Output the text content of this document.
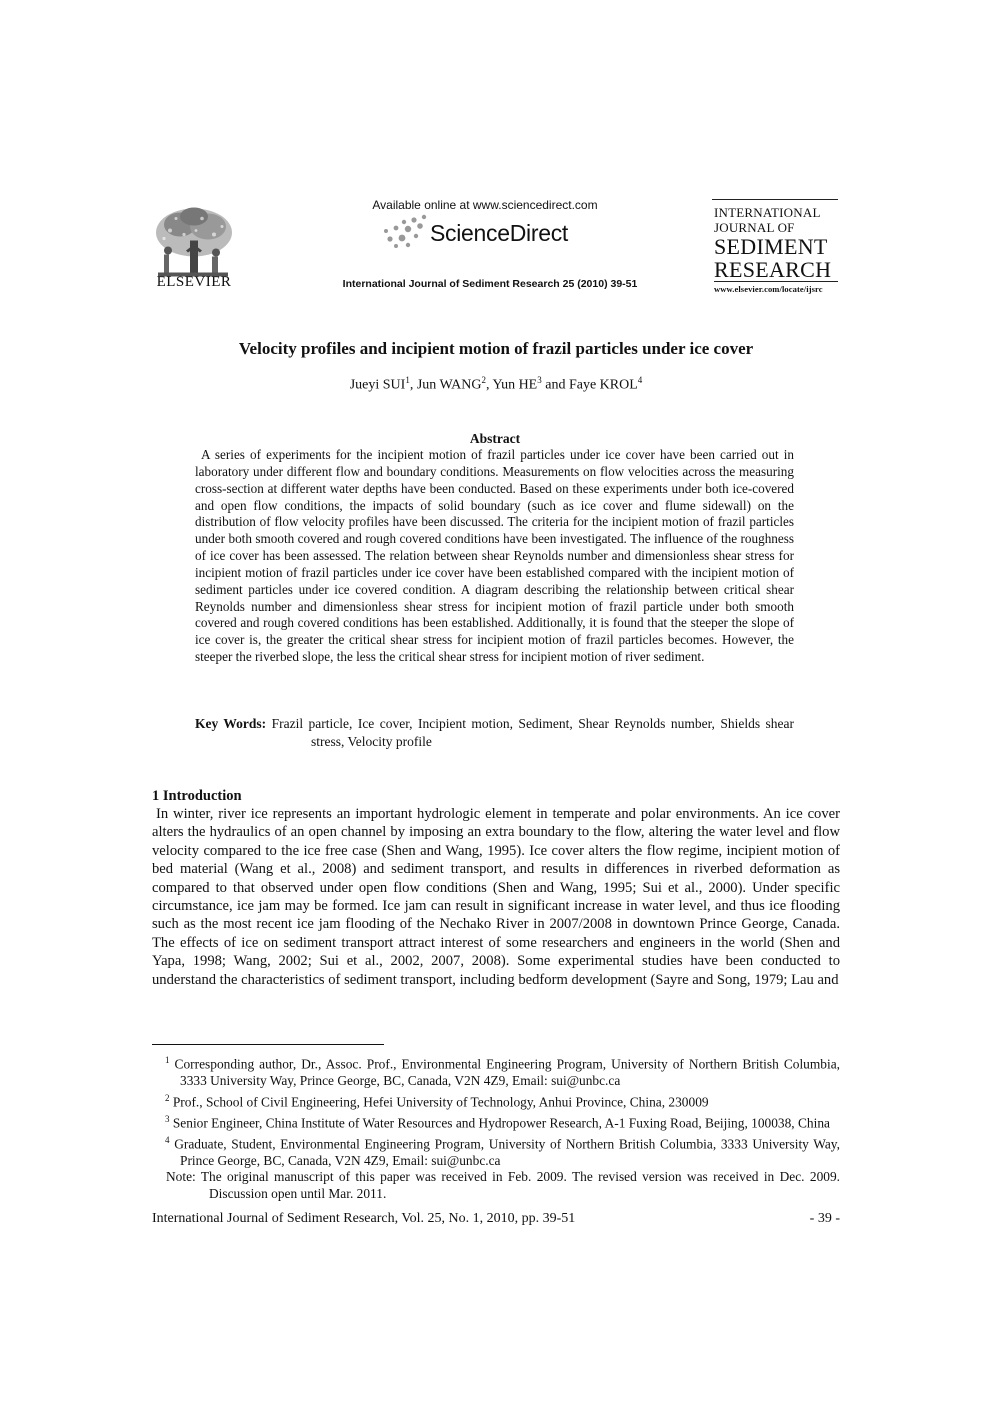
ELSEVIER
Available online at www.sciencedirect.com
ScienceDirect
International Journal of Sediment Research 25 (2010) 39-51
INTERNATIONAL
JOURNAL OF
SEDIMENT
RESEARCH
www.elsevier.com/locate/ijsrc
Velocity profiles and incipient motion of frazil particles under ice cover
Jueyi SUI$^1$, Jun WANG$^2$, Yun $HE^3$ and Faye KROL$^4$
Abstract
A series of experiments for the incipient motion of frazil particles under ice cover have been carried out in laboratory under different flow and boundary conditions. Measurements on flow velocities across the measuring cross-section at different water depths have been conducted. Based on these experiments under both ice-covered and open flow conditions, the impacts of solid boundary (such as ice cover and flume sidewall) on the distribution of flow velocity profiles have been discussed. The criteria for the incipient motion of frazil particles under both smooth covered and rough covered conditions have been investigated. The influence of the roughness of ice cover has been assessed. The relation between shear Reynolds number and dimensionless shear stress for incipient motion of frazil particles under ice cover have been established compared with the incipient motion of sediment particles under ice covered condition. A diagram describing the relationship between critical shear Reynolds number and dimensionless shear stress for incipient motion of frazil particle under both smooth covered and rough covered conditions has been established. Additionally, it is found that the steeper the slope of ice cover is, the greater the critical shear stress for incipient motion of frazil particles becomes. However, the steeper the riverbed slope, the less the critical shear stress for incipient motion of river sediment.
Key Words: Frazil particle, Ice cover, Incipient motion, Sediment, Shear Reynolds number, Shields shear stress, Velocity profile
1 Introduction
In winter, river ice represents an important hydrologic element in temperate and polar environments. An ice cover alters the hydraulics of an open channel by imposing an extra boundary to the flow, altering the water level and flow velocity compared to the ice free case (Shen and Wang, 1995). Ice cover alters the flow regime, incipient motion of bed material (Wang et al., 2008) and sediment transport, and results in differences in riverbed deformation as compared to that observed under open flow conditions (Shen and Wang, 1995; Sui et al., 2000). Under specific circumstance, ice jam may be formed. Ice jam can result in significant increase in water level, and thus ice flooding such as the most recent ice jam flooding of the Nechako River in 2007/2008 in downtown Prince George, Canada. The effects of ice on sediment transport attract interest of some researchers and engineers in the world (Shen and Yapa, 1998; Wang, 2002; Sui et al., 2002, 2007, 2008). Some experimental studies have been conducted to understand the characteristics of sediment transport, including bedform development (Sayre and Song, 1979; Lau and
$^1$ Corresponding author, Dr., Assoc. Prof., Environmental Engineering Program, University of Northern British Columbia, 3333 University Way, Prince George, BC, Canada, V2N 4Z9, Email: sui@unbc.ca
$^2$ Prof., School of Civil Engineering, Hefei University of Technology, Anhui Province, China, 230009
$^3$ Senior Engineer, China Institute of Water Resources and Hydropower Research, A-1 Fuxing Road, Beijing, 100038, China
$^4$ Graduate, Student, Environmental Engineering Program, University of Northern British Columbia, 3333 University Way, Prince George, BC, Canada, V2N 4Z9, Email: sui@unbc.ca
Note: The original manuscript of this paper was received in Feb. 2009. The revised version was received in Dec. 2009. Discussion open until Mar. 2011.
International Journal of Sediment Research, Vol. 25, No. 1, 2010, pp. 39-51	- 39 -
